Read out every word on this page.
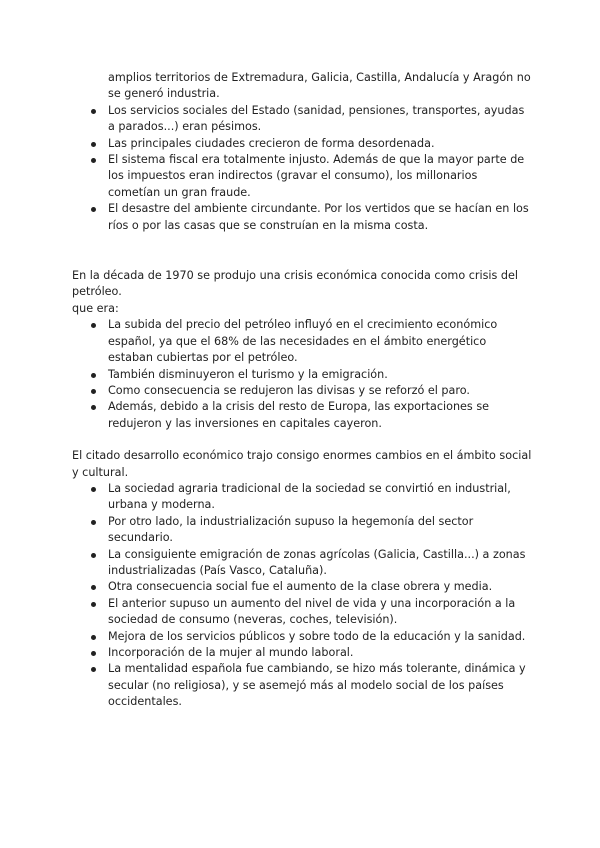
amplios territorios de Extremadura, Galicia, Castilla, Andalucía y Aragón no se generó industria.

Los servicios sociales del Estado (sanidad, pensiones, transportes, ayudas a parados...) eran pésimos.
Las principales ciudades crecieron de forma desordenada.
El sistema fiscal era totalmente injusto. Además de que la mayor parte de los impuestos eran indirectos (gravar el consumo), los millonarios cometían un gran fraude.
El desastre del ambiente circundante. Por los vertidos que se hacían en los ríos o por las casas que se construían en la misma costa.

En la década de 1970 se produjo una crisis económica conocida como crisis del petróleo.

que era:

La subida del precio del petróleo influyó en el crecimiento económico español, ya que el 68% de las necesidades en el ámbito energético estaban cubiertas por el petróleo.
También disminuyeron el turismo y la emigración.
Como consecuencia se redujeron las divisas y se reforzó el paro.
Además, debido a la crisis del resto de Europa, las exportaciones se redujeron y las inversiones en capitales cayeron.

El citado desarrollo económico trajo consigo enormes cambios en el ámbito social y cultural.

La sociedad agraria tradicional de la sociedad se convirtió en industrial, urbana y moderna.
Por otro lado, la industrialización supuso la hegemonía del sector secundario.
La consiguiente emigración de zonas agrícolas (Galicia, Castilla...) a zonas industrializadas (País Vasco, Cataluña).
Otra consecuencia social fue el aumento de la clase obrera y media.
El anterior supuso un aumento del nivel de vida y una incorporación a la sociedad de consumo (neveras, coches, televisión).
Mejora de los servicios públicos y sobre todo de la educación y la sanidad.
Incorporación de la mujer al mundo laboral.
La mentalidad española fue cambiando, se hizo más tolerante, dinámica y secular (no religiosa), y se asemejó más al modelo social de los países occidentales.
